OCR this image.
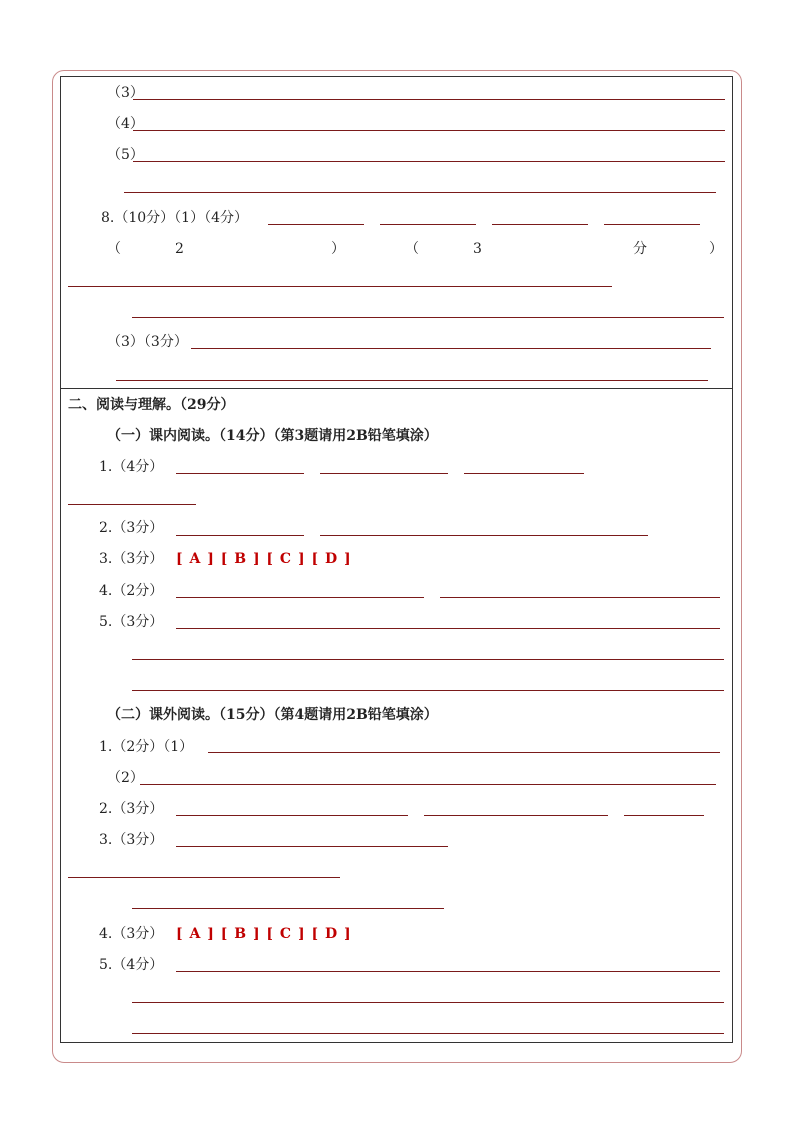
（3）
（4）
（5）
8.（10分）（1）（4分）
（	2	）	（	3	分	）
（3）（3分）
二、阅读与理解。（29分）
（一）课内阅读。（14分）（第3题请用2B铅笔填涂）
1.（4分）
2.（3分）
3.（3分） [ A ] [ B ] [ C ] [ D ]
4.（2分）
5.（3分）
（二）课外阅读。（15分）（第4题请用2B铅笔填涂）
1.（2分）（1）
（2）
2.（3分）
3.（3分）
4.（3分） [ A ] [ B ] [ C ] [ D ]
5.（4分）
